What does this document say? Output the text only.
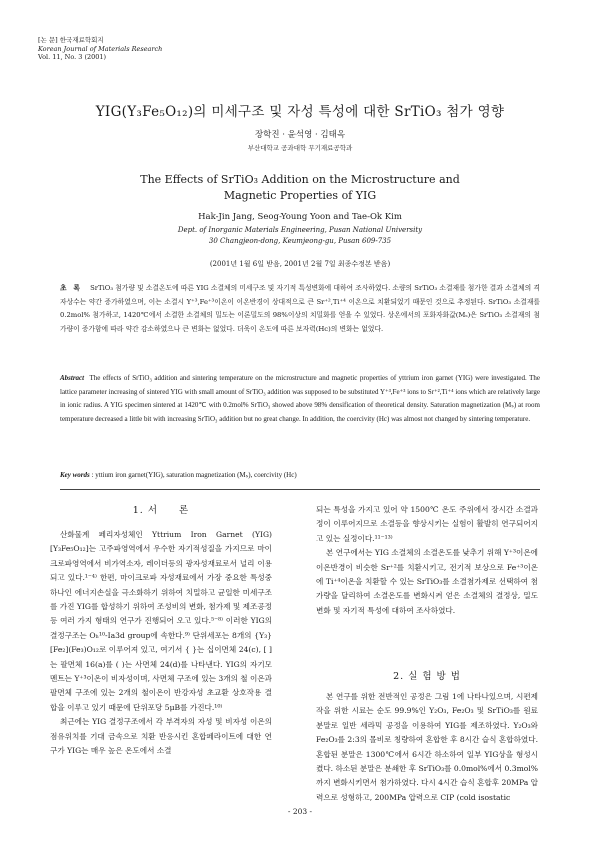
[논 문] 한국재료학회지
Korean Journal of Materials Research
Vol. 11, No. 3 (2001)
YIG(Y₃Fe₅O₁₂)의 미세구조 및 자성 특성에 대한 SrTiO₃ 첨가 영향
장학진 · 윤석영 · 김태옥
부산대학교 공과대학 무기재료공학과
The Effects of SrTiO₃ Addition on the Microstructure and
Magnetic Properties of YIG
Hak-Jin Jang, Seog-Young Yoon and Tae-Ok Kim
Dept. of Inorganic Materials Engineering, Pusan National University
30 Changjeon-dong, Keumjeong-gu, Pusan 609-735
(2001년 1월 6일 받음, 2001년 2월 7일 최종수정본 받음)
초　록 SrTiO₃ 첨가량 및 소결온도에 따른 YIG 소결체의 미세구조 및 자기적 특성변화에 대하여 조사하였다. 소량의 SrTiO₃ 소결재를 첨가한 결과 소결체의 격자상수는 약간 증가하였으며, 이는 소결시 Y⁺³,Fe⁺³이온이 이온반경이 상대적으로 큰 Sr⁺²,Ti⁺⁴ 이온으로 치환되었기 때문인 것으로 추정된다. SrTiO₃ 소결재를 0.2mol% 첨가하고, 1420℃에서 소결한 소결체의 밀도는 이론밀도의 98%이상의 치밀화를 얻을 수 있었다. 상온에서의 포화자화값(Mₛ)은 SrTiO₃ 소결재의 첨가량이 증가함에 따라 약간 감소하였으나 큰 변화는 없었다. 더욱이 온도에 따른 보자력(Hc)의 변화는 없었다.
Abstract The effects of SrTiO₃ addition and sintering temperature on the microstructure and magnetic properties of yttrium iron garnet (YIG) were investigated. The lattice parameter increasing of sintered YIG with small amount of SrTiO₃ addition was supposed to be substituted Y⁺³,Fe⁺³ ions to Sr⁺²,Ti⁺⁴ ions which are relatively large in ionic radius. A YIG specimen sintered at 1420℃ with 0.2mol% SrTiO₃ showed above 98% densification of theoretical density. Saturation magnetization (Mₛ) at room temperature decreased a little bit with increasing SrTiO₃ addition but no great change. In addition, the coercivity (Hc) was almost not changed by sintering temperature.
Key words : yttium iron garnet(YIG), saturation magnetization (Mₛ), coercivity (Hc)

1. 서　　론

산화물계 페리자성체인 Yttrium Iron Garnet (YIG) [Y₃Fe₅O₁₂]는 고주파영역에서 우수한 자기적성질을 가지므로 마이크로파영역에서 비가역소자, 레이더등의 광자성재료로서 널리 이용되고 있다.¹⁻⁴⁾ 한편, 마이크로파 자성재료에서 가장 중요한 특성중 하나인 에너지손실을 극소화하기 위하여 치밀하고 균일한 미세구조를 가진 YIG를 합성하기 위하여 조성비의 변화, 첨가제 및 제조공정등 여러 가지 형태의 연구가 진행되어 오고 있다.⁵⁻⁸⁾ 이러한 YIG의 결정구조는 Oₕ¹⁰-Ia3d group에 속한다.⁹⁾ 단위세포는 8개의 {Y₃}[Fe₂](Fe₃)O₁₂로 이루어져 있고, 여기서 { }는 십이면체 24(c), [ ]는 팔면체 16(a)를 ( )는 사면체 24(d)를 나타낸다. YIG의 자기모멘트는 Y⁺³이온이 비자성이며, 사면체 구조에 있는 3개의 철 이온과 팔면체 구조에 있는 2개의 철이온이 반강자성 초교환 상호작용 결합을 이루고 있기 때문에 단위포당 5μB를 가진다.¹⁰⁾

최근에는 YIG 결정구조에서 각 부격자의 자성 및 비자성 이온의 점유위치를 기대 금속으로 치환 반응시킨 혼합페라이트에 대한 연구가 YIG는 매우 높은 온도에서 소결

되는 특성을 가지고 있어 약 1500℃ 온도 주위에서 장시간 소결과정이 이루어지므로 소결등을 향상시키는 실험이 활발히 연구되어지고 있는 실정이다.¹¹⁻¹³⁾

본 연구에서는 YIG 소결체의 소결온도를 낮추기 위해 Y⁺³이온에 이온반경이 비슷한 Sr⁺²를 치환시키고, 전기적 보상으로 Fe⁺³이온에 Ti⁺⁴이온을 치환할 수 있는 SrTiO₃를 소결첨가제로 선택하여 첨가량을 달리하여 소결온도를 변화시켜 얻은 소결체의 결정상, 밀도변화 및 자기적 특성에 대하여 조사하였다.

2. 실 험 방 법

본 연구를 위한 전반적인 공정은 그림 1에 나타나있으며, 시편제작을 위한 시료는 순도 99.9%인 Y₂O₃, Fe₂O₃ 및 SrTiO₃를 원료 분말로 일반 세라믹 공정을 이용하여 YIG를 제조하였다. Y₂O₃와 Fe₂O₃를 2:3의 몰비로 칭량하여 혼합한 후 8시간 습식 혼합하였다. 혼합된 분말은 1300℃에서 6시간 하소하여 일부 YIG상을 형성시켰다. 하소된 분말은 분쇄한 후 SrTiO₃를 0.0mol%에서 0.3mol%까지 변화시키면서 첨가하였다. 다시 4시간 습식 혼합후 20MPa 압력으로 성형하고, 200MPa 압력으로 CIP (cold isostatic

- 203 -
